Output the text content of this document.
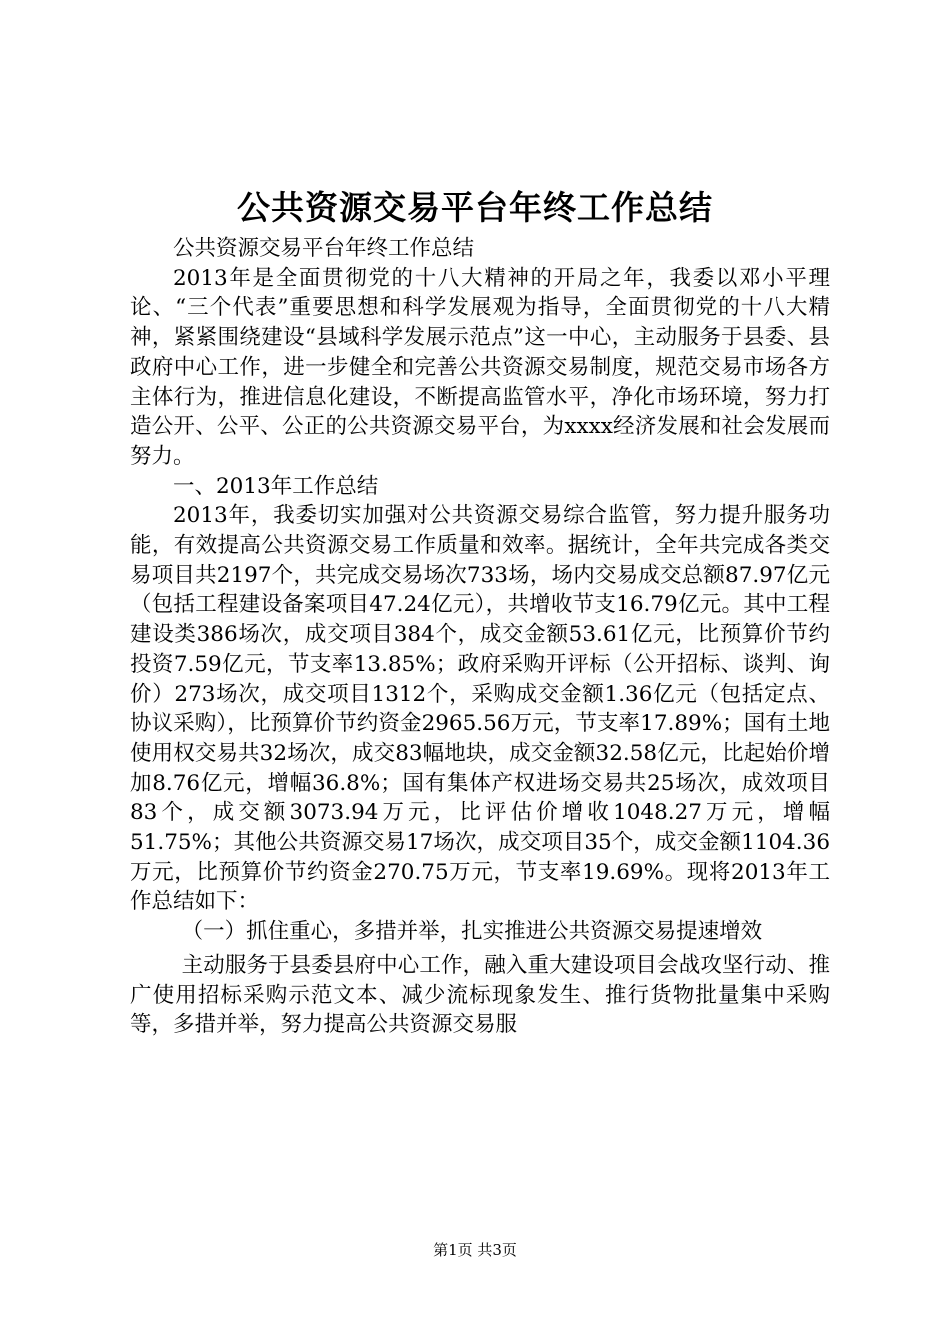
公共资源交易平台年终工作总结

公共资源交易平台年终工作总结

2013年是全面贯彻党的十八大精神的开局之年，我委以邓小平理论、“三个代表”重要思想和科学发展观为指导，全面贯彻党的十八大精神，紧紧围绕建设“县域科学发展示范点”这一中心，主动服务于县委、县政府中心工作，进一步健全和完善公共资源交易制度，规范交易市场各方主体行为，推进信息化建设，不断提高监管水平，净化市场环境，努力打造公开、公平、公正的公共资源交易平台，为xxxx经济发展和社会发展而努力。

一、2013年工作总结

2013年，我委切实加强对公共资源交易综合监管，努力提升服务功能，有效提高公共资源交易工作质量和效率。据统计，全年共完成各类交易项目共2197个，共完成交易场次733场，场内交易成交总额87.97亿元（包括工程建设备案项目47.24亿元），共增收节支16.79亿元。其中工程建设类386场次，成交项目384个，成交金额53.61亿元，比预算价节约投资7.59亿元，节支率13.85%；政府采购开评标（公开招标、谈判、询价）273场次，成交项目1312个，采购成交金额1.36亿元（包括定点、协议采购），比预算价节约资金2965.56万元，节支率17.89%；国有土地使用权交易共32场次，成交83幅地块，成交金额32.58亿元，比起始价增加8.76亿元，增幅36.8%；国有集体产权进场交易共25场次，成效项目83个，成交额3073.94万元，比评估价增收1048.27万元，增幅51.75%；其他公共资源交易17场次，成交项目35个，成交金额1104.36万元，比预算价节约资金270.75万元，节支率19.69%。现将2013年工作总结如下：

（一）抓住重心，多措并举，扎实推进公共资源交易提速增效

主动服务于县委县府中心工作，融入重大建设项目会战攻坚行动、推广使用招标采购示范文本、减少流标现象发生、推行货物批量集中采购等，多措并举，努力提高公共资源交易服

第1页 共3页
